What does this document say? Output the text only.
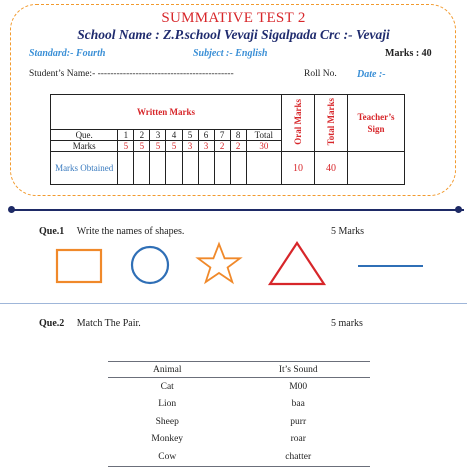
SUMMATIVE TEST 2
School Name : Z.P.school Vevaji Sigalpada Crc :- Vevaji
Standard:- Fourth	Subject :- English	Marks : 40
Student’s Name:- -------------------------------------------	Roll No. Date :-
Written Marks										Oral Marks	Total Marks	Teacher’s Sign
Que.	1	2	3	4	5	6	7	8	Total			
Marks	5	5	5	5	3	3	2	2	30			
Marks Obtained										10	40	
Que.1 Write the names of shapes.	5 Marks
Que.2 Match The Pair.	5 marks
Animal	It’s Sound
Cat	M00
Lion	baa
Sheep	purr
Monkey	roar
Cow	chatter
